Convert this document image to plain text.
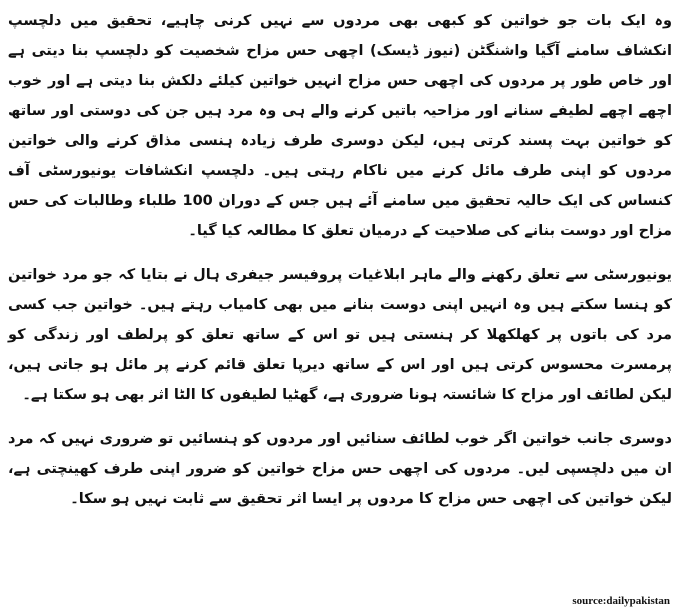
وہ ایک بات جو خواتین کو کبھی بھی مردوں سے نہیں کرنی چاہیے، تحقیق میں دلچسپ انکشاف سامنے آگیا واشنگٹن (نیوز ڈیسک) اچھی حس مزاح شخصیت کو دلچسپ بنا دیتی ہے اور خاص طور پر مردوں کی اچھی حس مزاح انہیں خواتین کیلئے دلکش بنا دیتی ہے اور خوب اچھے اچھے لطیفے سنانے اور مزاحیہ باتیں کرنے والے ہی وہ مرد ہیں جن کی دوستی اور ساتھ کو خواتین بہت پسند کرتی ہیں، لیکن دوسری طرف زیادہ ہنسی مذاق کرنے والی خواتین مردوں کو اپنی طرف مائل کرنے میں ناکام رہتی ہیں۔ دلچسپ انکشافات یونیورسٹی آف کنساس کی ایک حالیہ تحقیق میں سامنے آئے ہیں جس کے دوران 100 طلباء وطالبات کی حس مزاح اور دوست بنانے کی صلاحیت کے درمیان تعلق کا مطالعہ کیا گیا۔

یونیورسٹی سے تعلق رکھنے والے ماہر ابلاغیات پروفیسر جیفری ہال نے بتایا کہ جو مرد خواتین کو ہنسا سکتے ہیں وہ انہیں اپنی دوست بنانے میں بھی کامیاب رہتے ہیں۔ خواتین جب کسی مرد کی باتوں پر کھلکھلا کر ہنستی ہیں تو اس کے ساتھ تعلق کو پرلطف اور زندگی کو پرمسرت محسوس کرتی ہیں اور اس کے ساتھ دیرپا تعلق قائم کرنے پر مائل ہو جاتی ہیں، لیکن لطائف اور مزاح کا شائستہ ہونا ضروری ہے، گھٹیا لطیفوں کا الٹا اثر بھی ہو سکتا ہے۔

دوسری جانب خواتین اگر خوب لطائف سنائیں اور مردوں کو ہنسائیں تو ضروری نہیں کہ مرد ان میں دلچسپی لیں۔ مردوں کی اچھی حس مزاح خواتین کو ضرور اپنی طرف کھینچتی ہے، لیکن خواتین کی اچھی حس مزاح کا مردوں پر ایسا اثر تحقیق سے ثابت نہیں ہو سکا۔

source:dailypakistan
